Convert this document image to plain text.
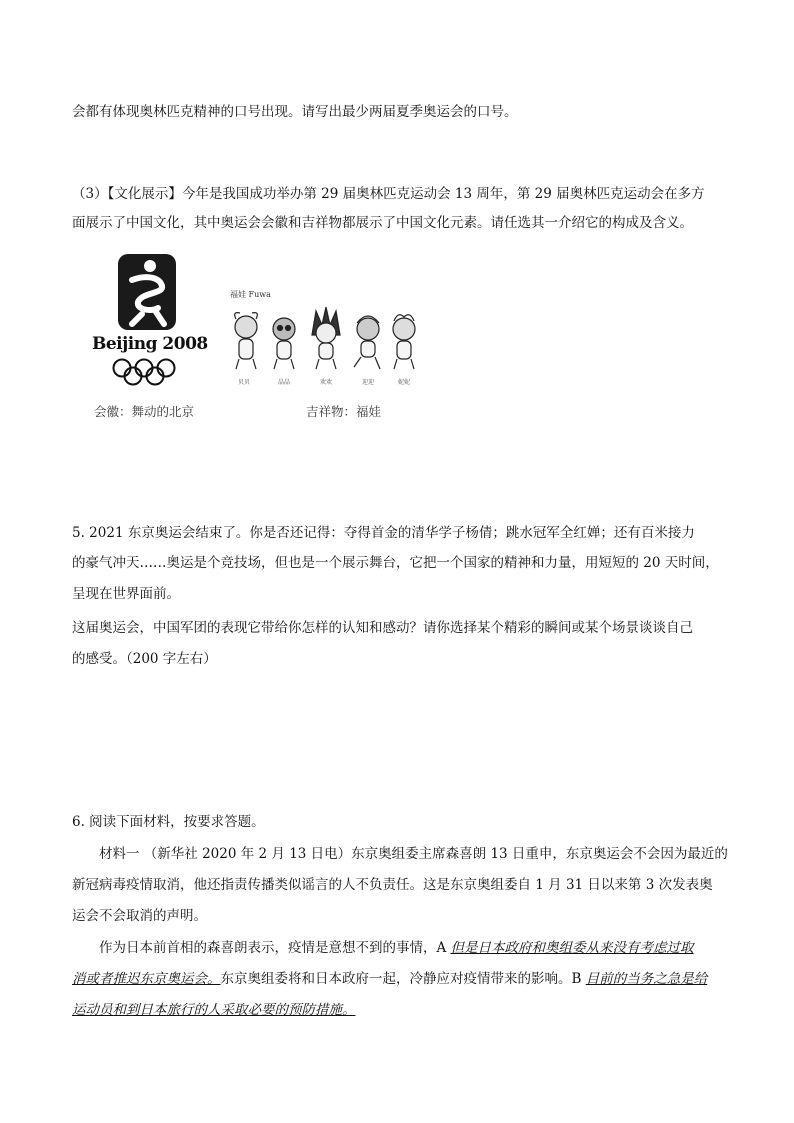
会都有体现奥林匹克精神的口号出现。请写出最少两届夏季奥运会的口号。
（3）【文化展示】今年是我国成功举办第 29 届奥林匹克运动会 13 周年，第 29 届奥林匹克运动会在多方
面展示了中国文化，其中奥运会会徽和吉祥物都展示了中国文化元素。请任选其一介绍它的构成及含义。
Beijing 2008
会徽：舞动的北京
福娃 Fuwa
贝贝	晶晶	欢欢	迎迎	妮妮
吉祥物：福娃
5. 2021 东京奥运会结束了。你是否还记得：夺得首金的清华学子杨倩；跳水冠军全红婵；还有百米接力
的豪气冲天……奥运是个竞技场，但也是一个展示舞台，它把一个国家的精神和力量，用短短的 20 天时间，
呈现在世界面前。
这届奥运会，中国军团的表现它带给你怎样的认知和感动？请你选择某个精彩的瞬间或某个场景谈谈自己
的感受。（200 字左右）
6. 阅读下面材料，按要求答题。
材料一 （新华社 2020 年 2 月 13 日电）东京奥组委主席森喜朗 13 日重申，东京奥运会不会因为最近的
新冠病毒疫情取消，他还指责传播类似谣言的人不负责任。这是东京奥组委自 1 月 31 日以来第 3 次发表奥
运会不会取消的声明。
作为日本前首相的森喜朗表示，疫情是意想不到的事情，A 但是日本政府和奥组委从来没有考虑过取
消或者推迟东京奥运会。东京奥组委将和日本政府一起，冷静应对疫情带来的影响。B 目前的当务之急是给
运动员和到日本旅行的人采取必要的预防措施。
